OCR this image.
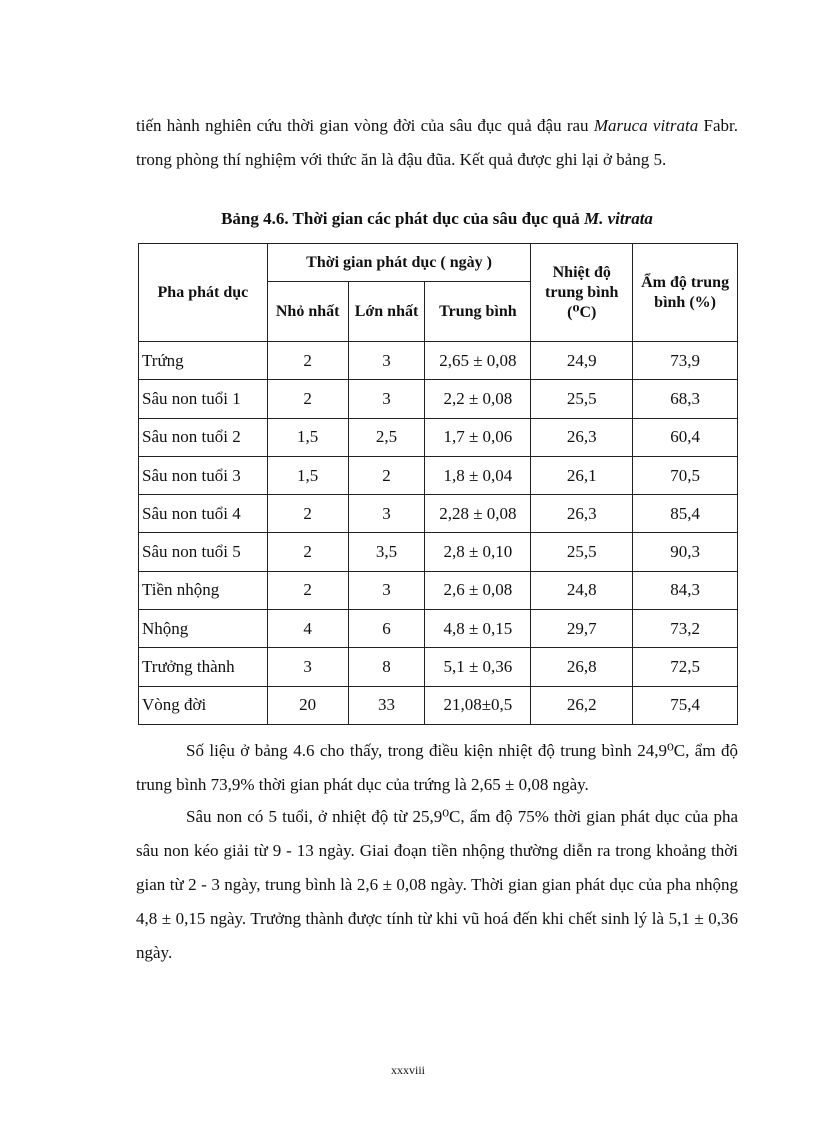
tiến hành nghiên cứu thời gian vòng đời của sâu đục quả đậu rau Maruca vitrata Fabr. trong phòng thí nghiệm với thức ăn là đậu đũa. Kết quả được ghi lại ở bảng 5.

Bảng 4.6. Thời gian các phát dục của sâu đục quả M. vitrata
Pha phát dục	Thời gian phát dục ( ngày )			Nhiệt độ trung bình (⁰C)	Ẩm độ trung bình (%)
	Nhỏ nhất	Lớn nhất	Trung bình		
Trứng	2	3	2,65 ± 0,08	24,9	73,9
Sâu non tuổi 1	2	3	2,2 ± 0,08	25,5	68,3
Sâu non tuổi 2	1,5	2,5	1,7 ± 0,06	26,3	60,4
Sâu non tuổi 3	1,5	2	1,8 ± 0,04	26,1	70,5
Sâu non tuổi 4	2	3	2,28 ± 0,08	26,3	85,4
Sâu non tuổi 5	2	3,5	2,8 ± 0,10	25,5	90,3
Tiền nhộng	2	3	2,6 ± 0,08	24,8	84,3
Nhộng	4	6	4,8 ± 0,15	29,7	73,2
Trưởng thành	3	8	5,1 ± 0,36	26,8	72,5
Vòng đời	20	33	21,08±0,5	26,2	75,4

Số liệu ở bảng 4.6 cho thấy, trong điều kiện nhiệt độ trung bình 24,9⁰C, ẩm độ trung bình 73,9% thời gian phát dục của trứng là 2,65 ± 0,08 ngày.

Sâu non có 5 tuổi, ở nhiệt độ từ 25,9⁰C, ẩm độ 75% thời gian phát dục của pha sâu non kéo giải từ 9 - 13 ngày. Giai đoạn tiền nhộng thường diễn ra trong khoảng thời gian từ 2 - 3 ngày, trung bình là 2,6 ± 0,08 ngày. Thời gian gian phát dục của pha nhộng 4,8 ± 0,15 ngày. Trưởng thành được tính từ khi vũ hoá đến khi chết sinh lý là 5,1 ± 0,36 ngày.

xxxviii
